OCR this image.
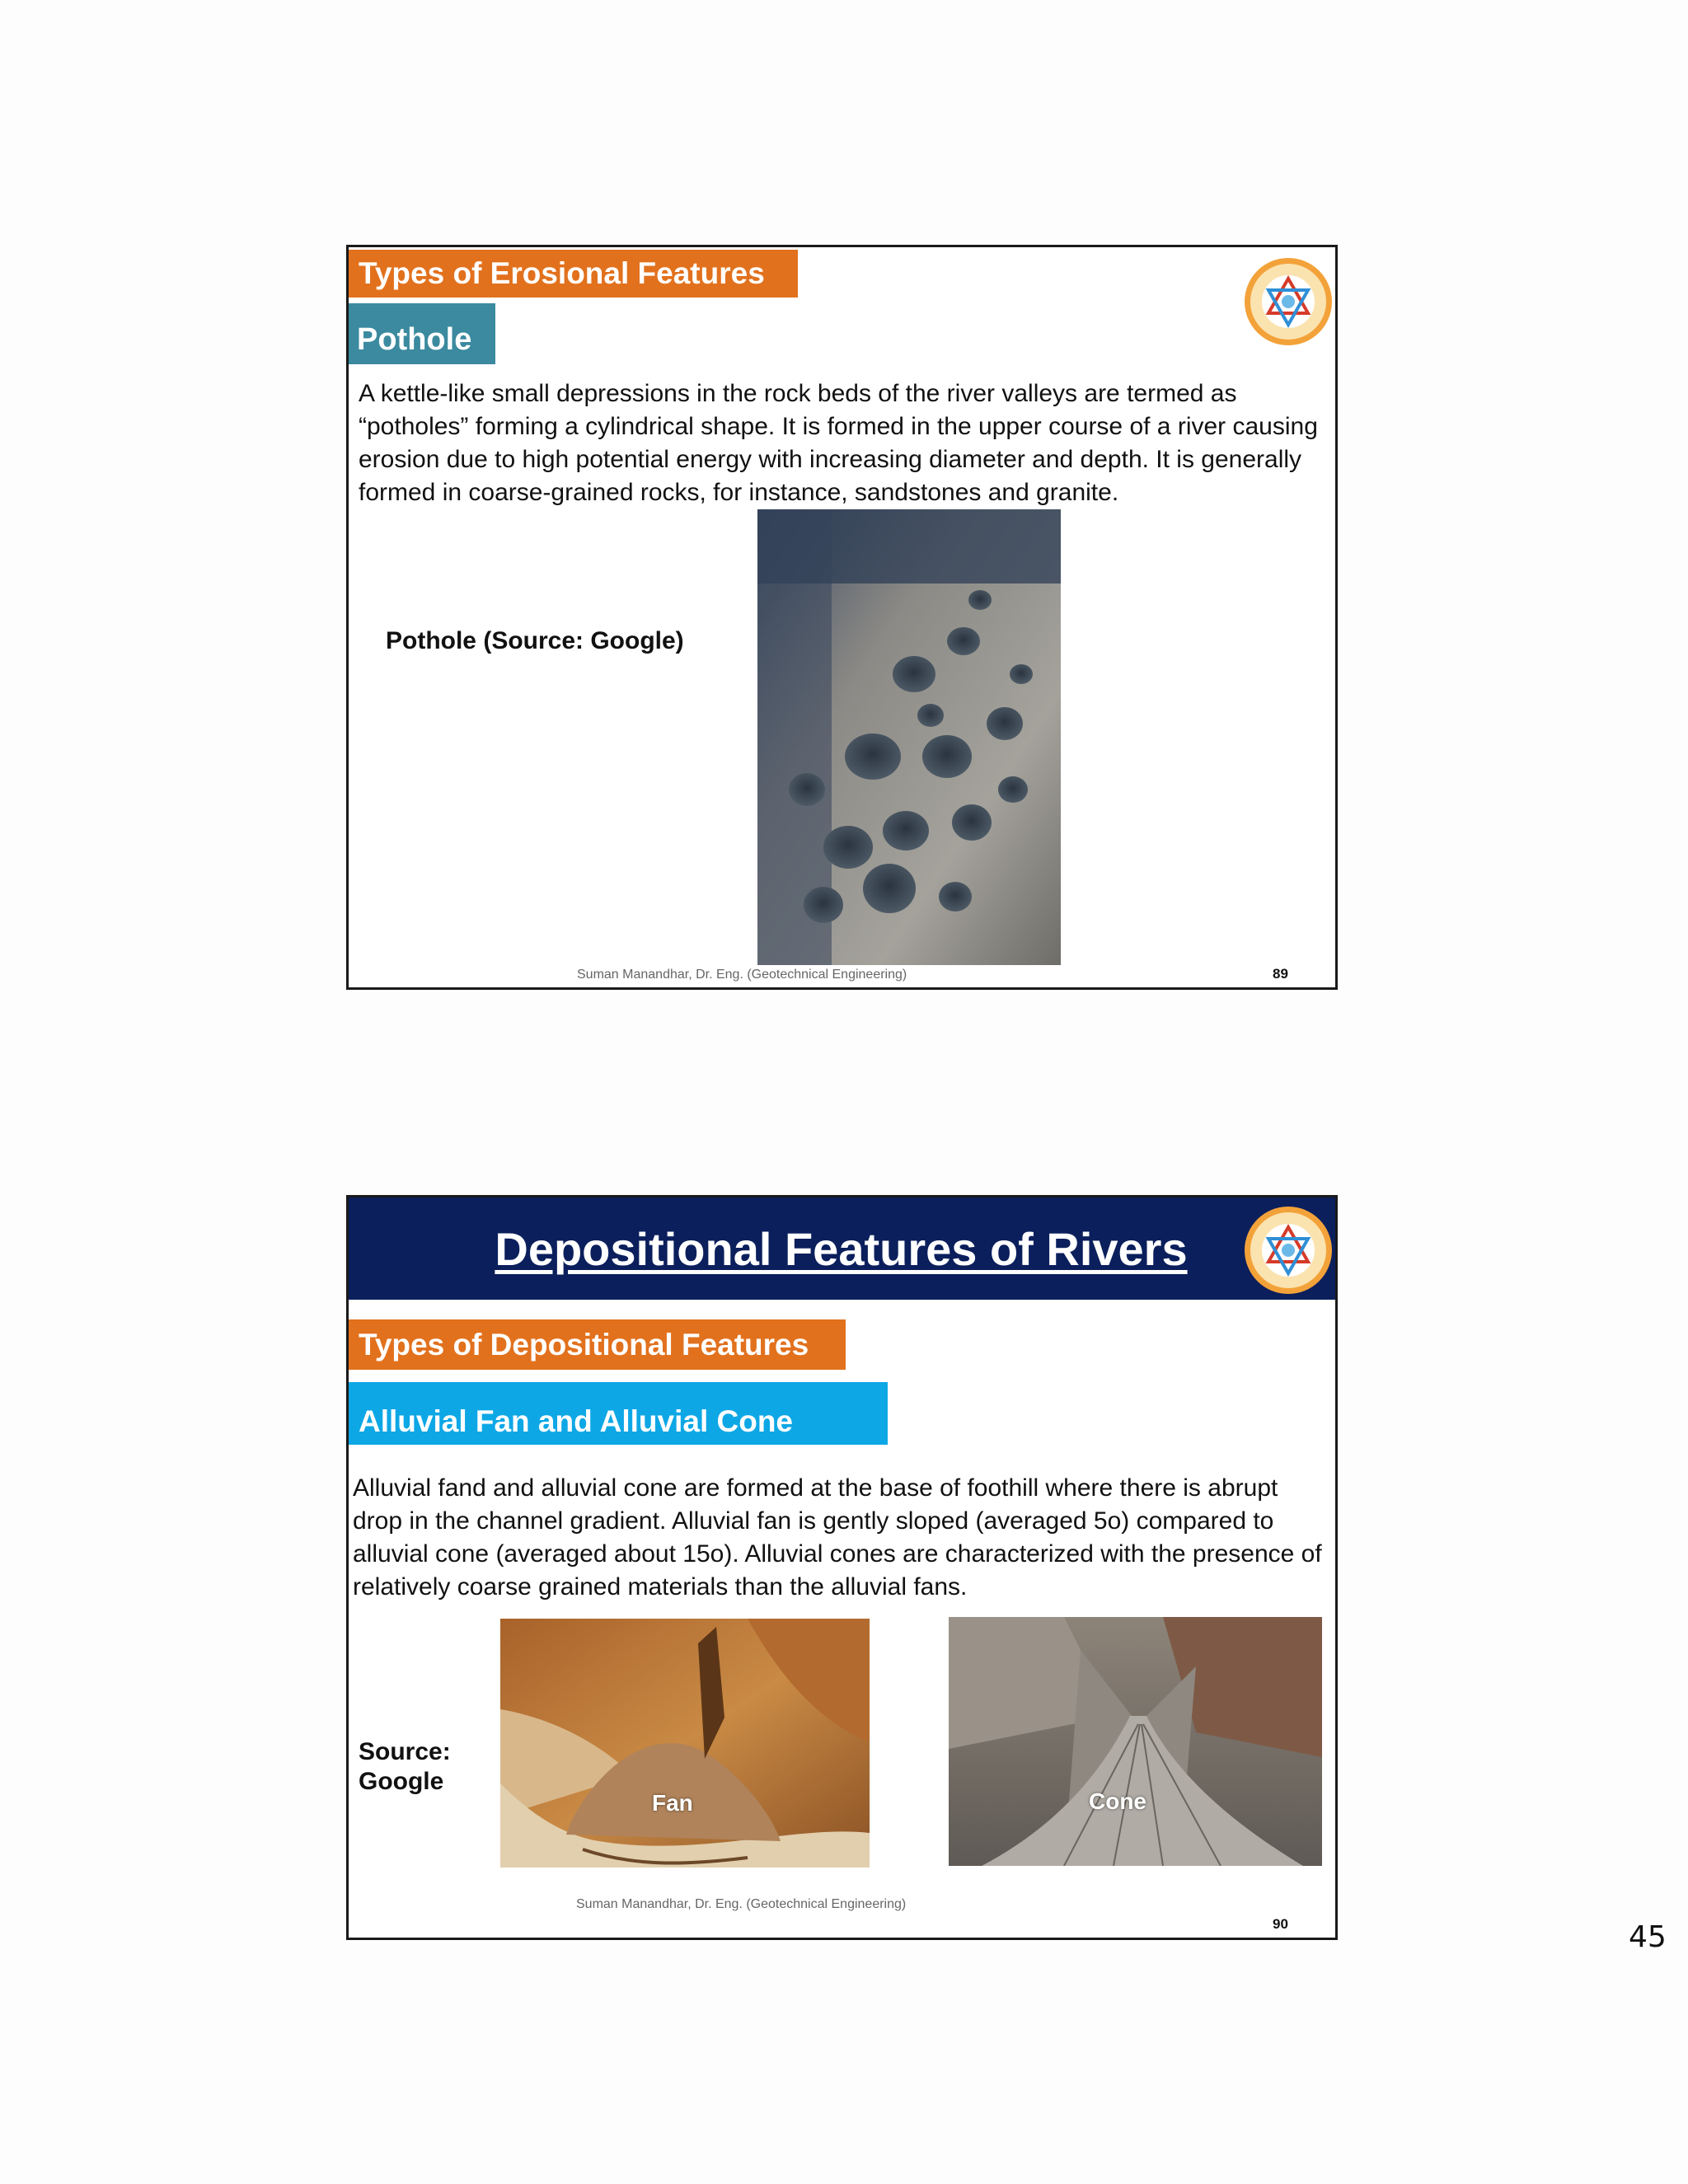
Types of Erosional Features
Pothole
A kettle-like small depressions in the rock beds of the river valleys are termed as “potholes” forming a cylindrical shape. It is formed in the upper course of a river causing erosion due to high potential energy with increasing diameter and depth. It is generally formed in coarse-grained rocks, for instance, sandstones and granite.
Pothole (Source: Google)
Suman Manandhar, Dr. Eng. (Geotechnical Engineering)	89
Depositional Features of Rivers
Types of Depositional Features
Alluvial Fan and Alluvial Cone
Alluvial fand and alluvial cone are formed at the base of foothill where there is abrupt drop in the channel gradient. Alluvial fan is gently sloped (averaged 5o) compared to alluvial cone (averaged about 15o). Alluvial cones are characterized with the presence of relatively coarse grained materials than the alluvial fans.
Source:
Google
Fan	Cone
Suman Manandhar, Dr. Eng. (Geotechnical Engineering)
90	45
